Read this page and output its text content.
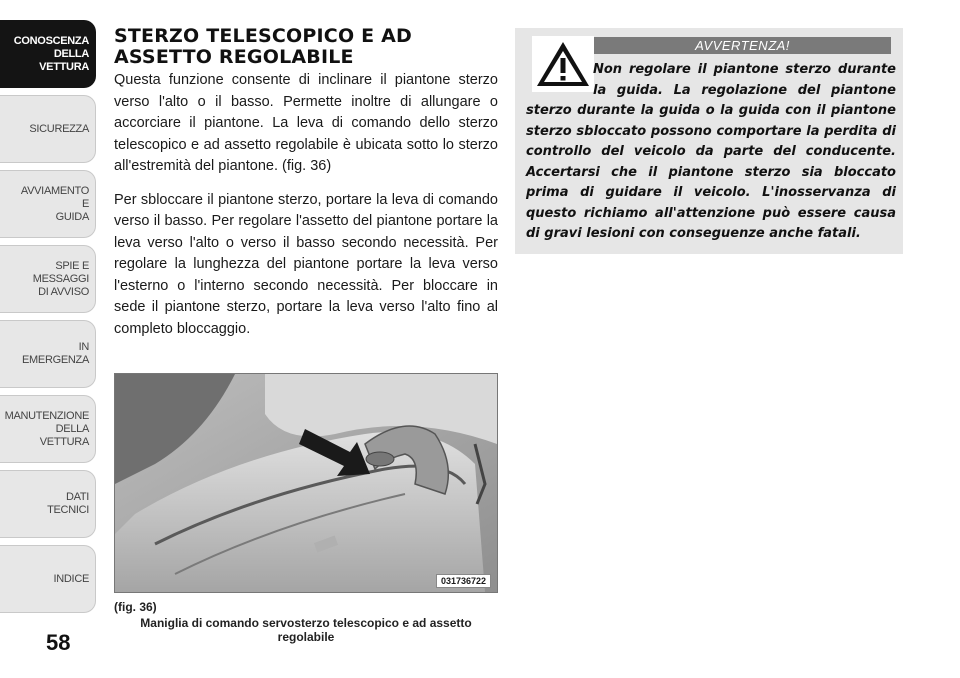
CONOSCENZA
DELLA
VETTURA
SICUREZZA
AVVIAMENTO
E
GUIDA
SPIE E
MESSAGGI
DI AVVISO
IN
EMERGENZA
MANUTENZIONE
DELLA
VETTURA
DATI
TECNICI
INDICE
58
STERZO TELESCOPICO E AD
ASSETTO REGOLABILE

Questa funzione consente di inclinare il piantone sterzo verso l'alto o il basso. Permette inoltre di allungare o accorciare il piantone. La leva di comando dello sterzo telescopico e ad assetto regolabile è ubicata sotto lo sterzo all'estremità del piantone. (fig. 36)

Per sbloccare il piantone sterzo, portare la leva di comando verso il basso. Per regolare l'assetto del piantone portare la leva verso l'alto o verso il basso secondo necessità. Per regolare la lunghezza del piantone portare la leva verso l'esterno o l'interno secondo necessità. Per bloccare in sede il piantone sterzo, portare la leva verso l'alto fino al completo bloccaggio.

031736722
(fig. 36)
Maniglia di comando servosterzo telescopico e ad assetto regolabile
AVVERTENZA!

Non regolare il piantone sterzo durante la guida. La regolazione del piantone sterzo durante la guida o la guida con il piantone sterzo sbloccato possono comportare la perdita di controllo del veicolo da parte del conducente. Accertarsi che il piantone sterzo sia bloccato prima di guidare il veicolo. L'inosservanza di questo richiamo all'attenzione può essere causa di gravi lesioni con conseguenze anche fatali.
